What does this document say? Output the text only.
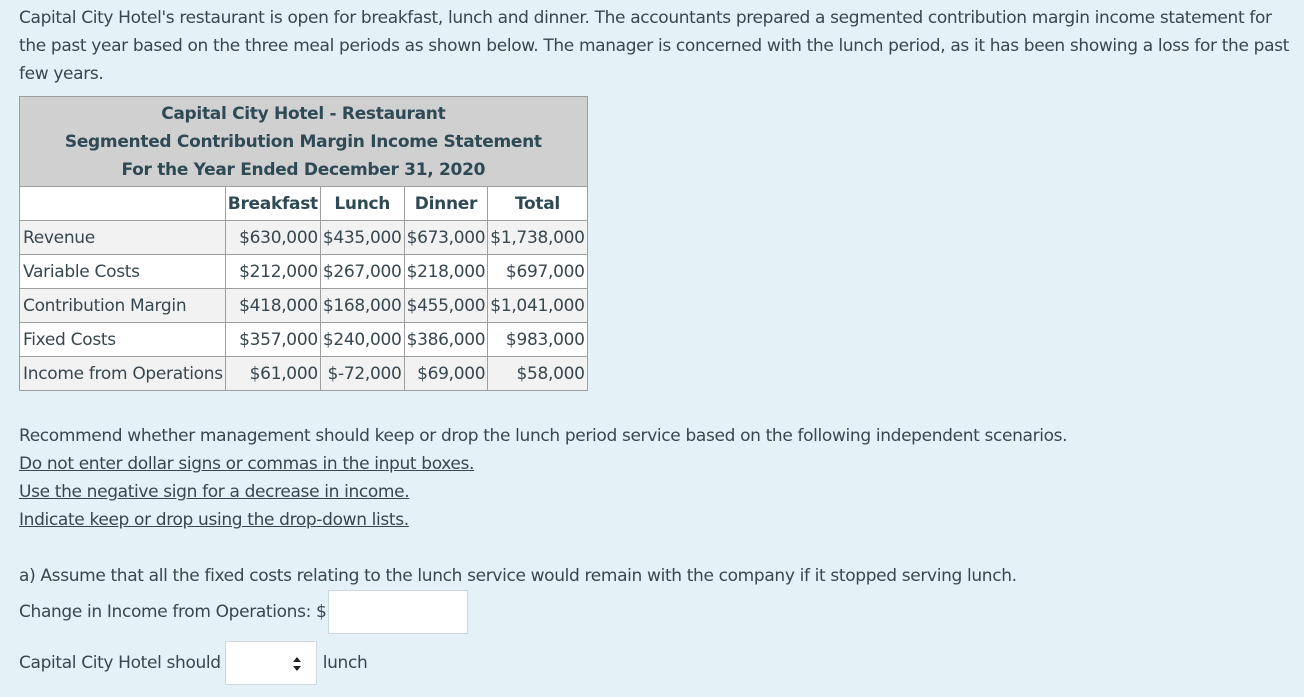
Capital City Hotel's restaurant is open for breakfast, lunch and dinner. The accountants prepared a segmented contribution margin income statement for the past year based on the three meal periods as shown below. The manager is concerned with the lunch period, as it has been showing a loss for the past few years.
Capital City Hotel - Restaurant
Segmented Contribution Margin Income Statement
For the Year Ended December 31, 2020				

	Breakfast	Lunch	Dinner	Total
Revenue	$630,000	$435,000	$673,000	$1,738,000
Variable Costs	$212,000	$267,000	$218,000	$697,000
Contribution Margin	$418,000	$168,000	$455,000	$1,041,000
Fixed Costs	$357,000	$240,000	$386,000	$983,000
Income from Operations	$61,000	$-72,000	$69,000	$58,000
Recommend whether management should keep or drop the lunch period service based on the following independent scenarios.
Do not enter dollar signs or commas in the input boxes.
Use the negative sign for a decrease in income.
Indicate keep or drop using the drop-down lists.
a) Assume that all the fixed costs relating to the lunch service would remain with the company if it stopped serving lunch.
Change in Income from Operations: $
Capital City Hotel should	lunch
